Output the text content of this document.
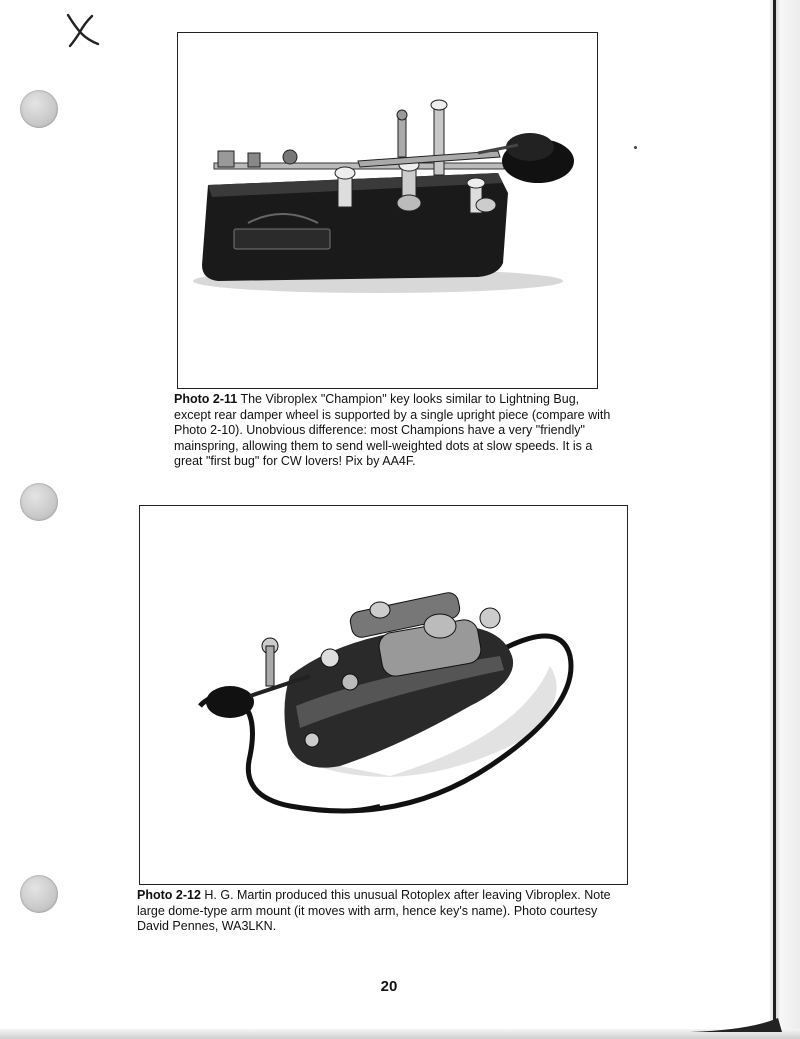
Photo 2-11 The Vibroplex "Champion" key looks similar to Lightning Bug, except rear damper wheel is supported by a single upright piece (compare with Photo 2-10). Unobvious difference: most Champions have a very "friendly" mainspring, allowing them to send well-weighted dots at slow speeds. It is a great "first bug" for CW lovers! Pix by AA4F.
Photo 2-12 H. G. Martin produced this unusual Rotoplex after leaving Vibroplex. Note large dome-type arm mount (it moves with arm, hence key's name). Photo courtesy David Pennes, WA3LKN.
20
